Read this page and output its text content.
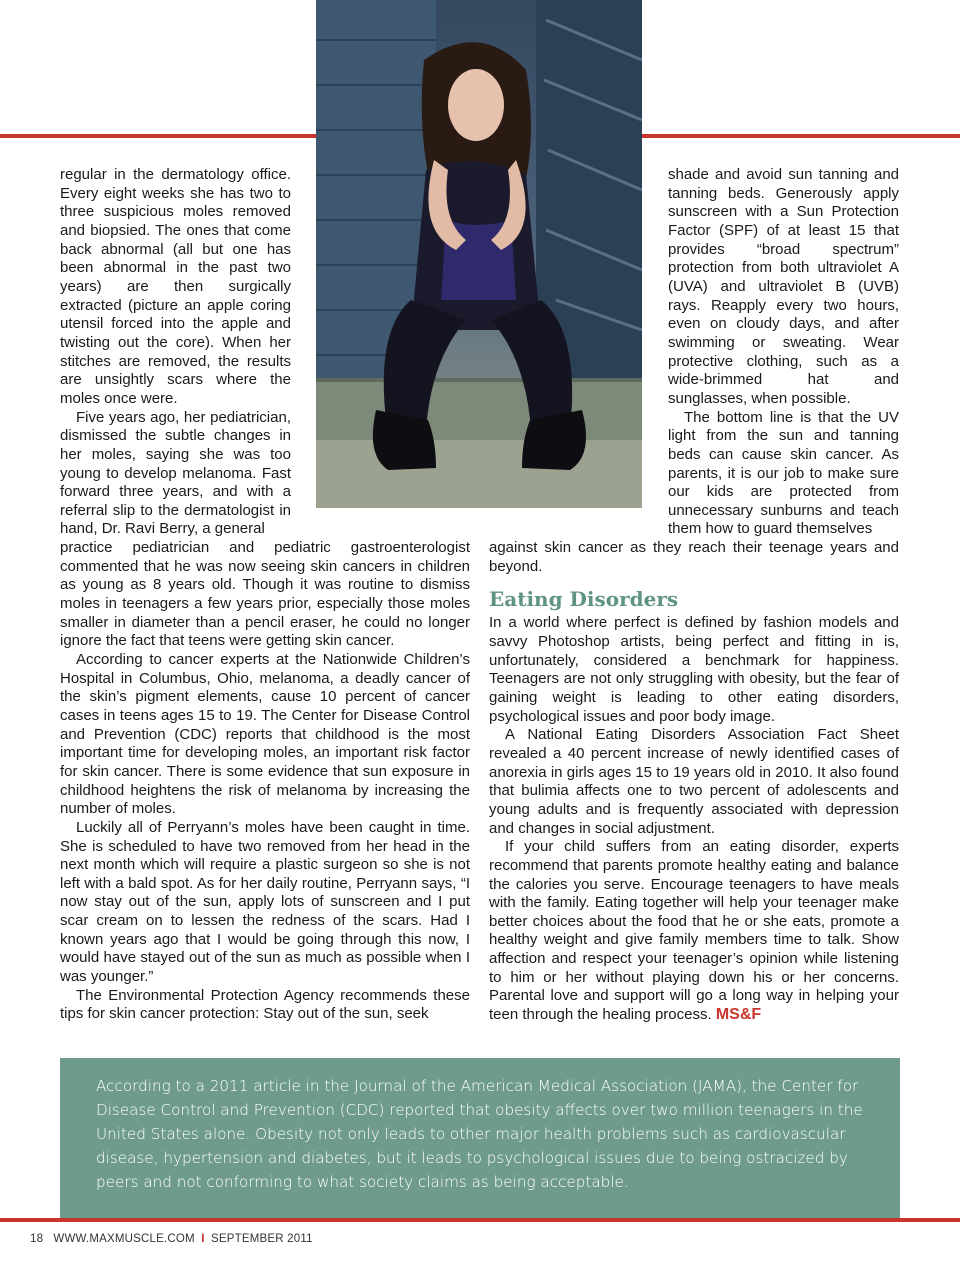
regular in the dermatology office. Every eight weeks she has two to three suspicious moles removed and biopsied. The ones that come back abnormal (all but one has been abnormal in the past two years) are then surgically extracted (picture an apple coring utensil forced into the apple and twisting out the core). When her stitches are removed, the results are unsightly scars where the moles once were.

Five years ago, her pediatrician, dismissed the subtle changes in her moles, saying she was too young to develop melanoma. Fast forward three years, and with a referral slip to the dermatologist in hand, Dr. Ravi Berry, a general

practice pediatrician and pediatric gastroenterologist commented that he was now seeing skin cancers in children as young as 8 years old. Though it was routine to dismiss moles in teenagers a few years prior, especially those moles smaller in diameter than a pencil eraser, he could no longer ignore the fact that teens were getting skin cancer.

According to cancer experts at the Nationwide Children’s Hospital in Columbus, Ohio, melanoma, a deadly cancer of the skin’s pigment elements, cause 10 percent of cancer cases in teens ages 15 to 19. The Center for Disease Control and Prevention (CDC) reports that childhood is the most important time for developing moles, an important risk factor for skin cancer. There is some evidence that sun exposure in childhood heightens the risk of melanoma by increasing the number of moles.

Luckily all of Perryann’s moles have been caught in time. She is scheduled to have two removed from her head in the next month which will require a plastic surgeon so she is not left with a bald spot. As for her daily routine, Perryann says, “I now stay out of the sun, apply lots of sunscreen and I put scar cream on to lessen the redness of the scars. Had I known years ago that I would be going through this now, I would have stayed out of the sun as much as possible when I was younger.”

The Environmental Protection Agency recommends these tips for skin cancer protection: Stay out of the sun, seek

shade and avoid sun tanning and tanning beds. Generously apply sunscreen with a Sun Protection Factor (SPF) of at least 15 that provides “broad spectrum” protection from both ultraviolet A (UVA) and ultraviolet B (UVB) rays. Reapply every two hours, even on cloudy days, and after swimming or sweating. Wear protective clothing, such as a wide-brimmed hat and sunglasses, when possible.

The bottom line is that the UV light from the sun and tanning beds can cause skin cancer. As parents, it is our job to make sure our kids are protected from unnecessary sunburns and teach them how to guard themselves

against skin cancer as they reach their teenage years and beyond.

Eating Disorders

In a world where perfect is defined by fashion models and savvy Photoshop artists, being perfect and fitting in is, unfortunately, considered a benchmark for happiness. Teenagers are not only struggling with obesity, but the fear of gaining weight is leading to other eating disorders, psychological issues and poor body image.

A National Eating Disorders Association Fact Sheet revealed a 40 percent increase of newly identified cases of anorexia in girls ages 15 to 19 years old in 2010. It also found that bulimia affects one to two percent of adolescents and young adults and is frequently associated with depression and changes in social adjustment.

If your child suffers from an eating disorder, experts recommend that parents promote healthy eating and balance the calories you serve. Encourage teenagers to have meals with the family. Eating together will help your teenager make better choices about the food that he or she eats, promote a healthy weight and give family members time to talk. Show affection and respect your teenager’s opinion while listening to him or her without playing down his or her concerns. Parental love and support will go a long way in helping your teen through the healing process. MS&F

According to a 2011 article in the Journal of the American Medical Association (JAMA), the Center for Disease Control and Prevention (CDC) reported that obesity affects over two million teenagers in the United States alone. Obesity not only leads to other major health problems such as cardiovascular disease, hypertension and diabetes, but it leads to psychological issues due to being ostracized by peers and not conforming to what society claims as being acceptable.

18 WWW.MAXMUSCLE.COM I SEPTEMBER 2011
